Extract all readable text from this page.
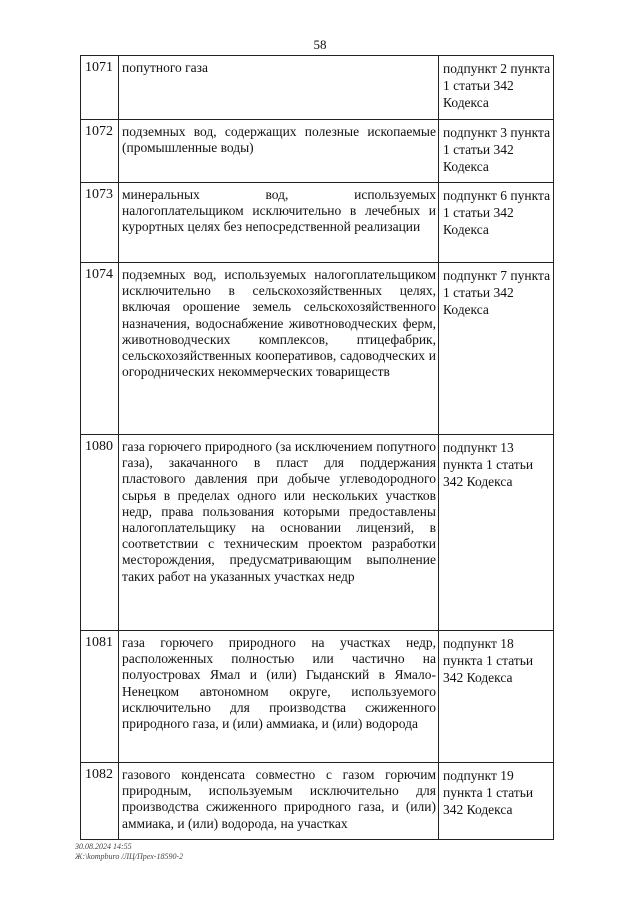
58
1071	попутного газа	подпункт 2 пункта 1 статьи 342 Кодекса
1072	подземных вод, содержащих полезные ископаемые (промышленные воды)	подпункт 3 пункта 1 статьи 342 Кодекса
1073	минеральных вод, используемых налогоплательщиком исключительно в лечебных и курортных целях без непосредственной реализации	подпункт 6 пункта 1 статьи 342 Кодекса
1074	подземных вод, используемых налогоплательщиком исключительно в сельскохозяйственных целях, включая орошение земель сельскохозяйственного назначения, водоснабжение животноводческих ферм, животноводческих комплексов, птицефабрик, сельскохозяйственных кооперативов, садоводческих и огороднических некоммерческих товариществ	подпункт 7 пункта 1 статьи 342 Кодекса
1080	газа горючего природного (за исключением попутного газа), закачанного в пласт для поддержания пластового давления при добыче углеводородного сырья в пределах одного или нескольких участков недр, права пользования которыми предоставлены налогоплательщику на основании лицензий, в соответствии с техническим проектом разработки месторождения, предусматривающим выполнение таких работ на указанных участках недр	подпункт 13 пункта 1 статьи 342 Кодекса
1081	газа горючего природного на участках недр, расположенных полностью или частично на полуостровах Ямал и (или) Гыданский в Ямало-Ненецком автономном округе, используемого исключительно для производства сжиженного природного газа, и (или) аммиака, и (или) водорода	подпункт 18 пункта 1 статьи 342 Кодекса
1082	газового конденсата совместно с газом горючим природным, используемым исключительно для производства сжиженного природного газа, и (или) аммиака, и (или) водорода, на участках	подпункт 19 пункта 1 статьи 342 Кодекса
30.08.2024 14:55
Ж:\kompburo /ЛЦ/Прех-18590-2
